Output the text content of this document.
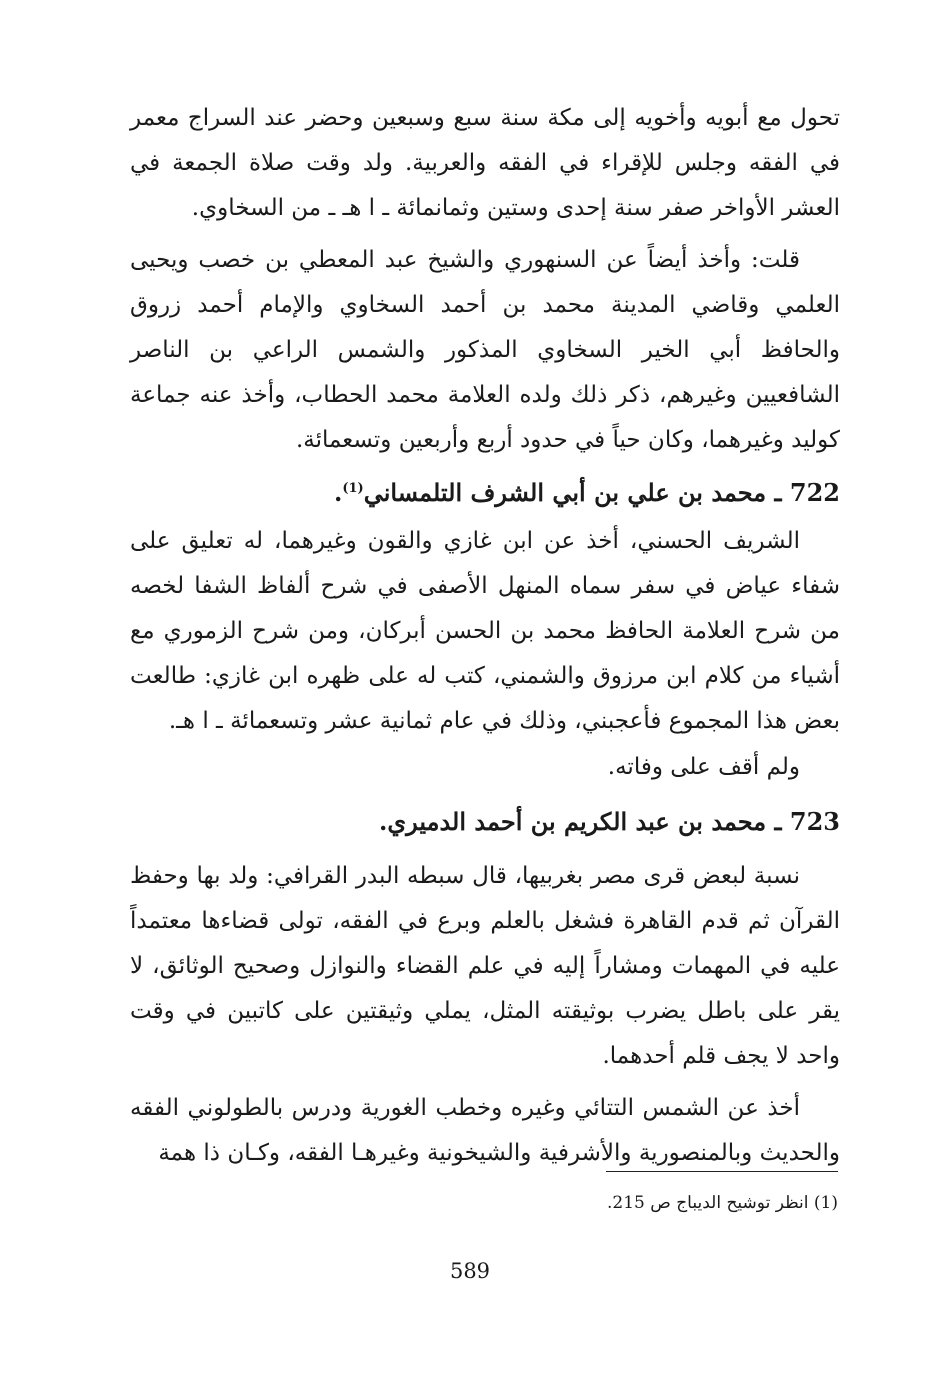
تحول مع أبويه وأخويه إلى مكة سنة سبع وسبعين وحضر عند السراج معمر في الفقه وجلس للإقراء في الفقه والعربية. ولد وقت صلاة الجمعة في العشر الأواخر صفر سنة إحدى وستين وثمانمائة ـ ا هـ ـ من السخاوي.

قلت: وأخذ أيضاً عن السنهوري والشيخ عبد المعطي بن خصب ويحيى العلمي وقاضي المدينة محمد بن أحمد السخاوي والإمام أحمد زروق والحافظ أبي الخير السخاوي المذكور والشمس الراعي بن الناصر الشافعيين وغيرهم، ذكر ذلك ولده العلامة محمد الحطاب، وأخذ عنه جماعة كوليد وغيرهما، وكان حياً في حدود أربع وأربعين وتسعمائة.

722 ـ محمد بن علي بن أبي الشرف التلمساني$^{(1)}$.

الشريف الحسني، أخذ عن ابن غازي والقون وغيرهما، له تعليق على شفاء عياض في سفر سماه المنهل الأصفى في شرح ألفاظ الشفا لخصه من شرح العلامة الحافظ محمد بن الحسن أبركان، ومن شرح الزموري مع أشياء من كلام ابن مرزوق والشمني، كتب له على ظهره ابن غازي: طالعت بعض هذا المجموع فأعجبني، وذلك في عام ثمانية عشر وتسعمائة ـ ا هـ.

ولم أقف على وفاته.

723 ـ محمد بن عبد الكريم بن أحمد الدميري.

نسبة لبعض قرى مصر بغربيها، قال سبطه البدر القرافي: ولد بها وحفظ القرآن ثم قدم القاهرة فشغل بالعلم وبرع في الفقه، تولى قضاءها معتمداً عليه في المهمات ومشاراً إليه في علم القضاء والنوازل وصحيح الوثائق، لا يقر على باطل يضرب بوثيقته المثل، يملي وثيقتين على كاتبين في وقت واحد لا يجف قلم أحدهما.

أخذ عن الشمس التتائي وغيره وخطب الغورية ودرس بالطولوني الفقه والحديث وبالمنصورية والأشرفية والشيخونية وغيرهـا الفقه، وكـان ذا همة

(1) انظر توشيح الديباج ص 215.

589
